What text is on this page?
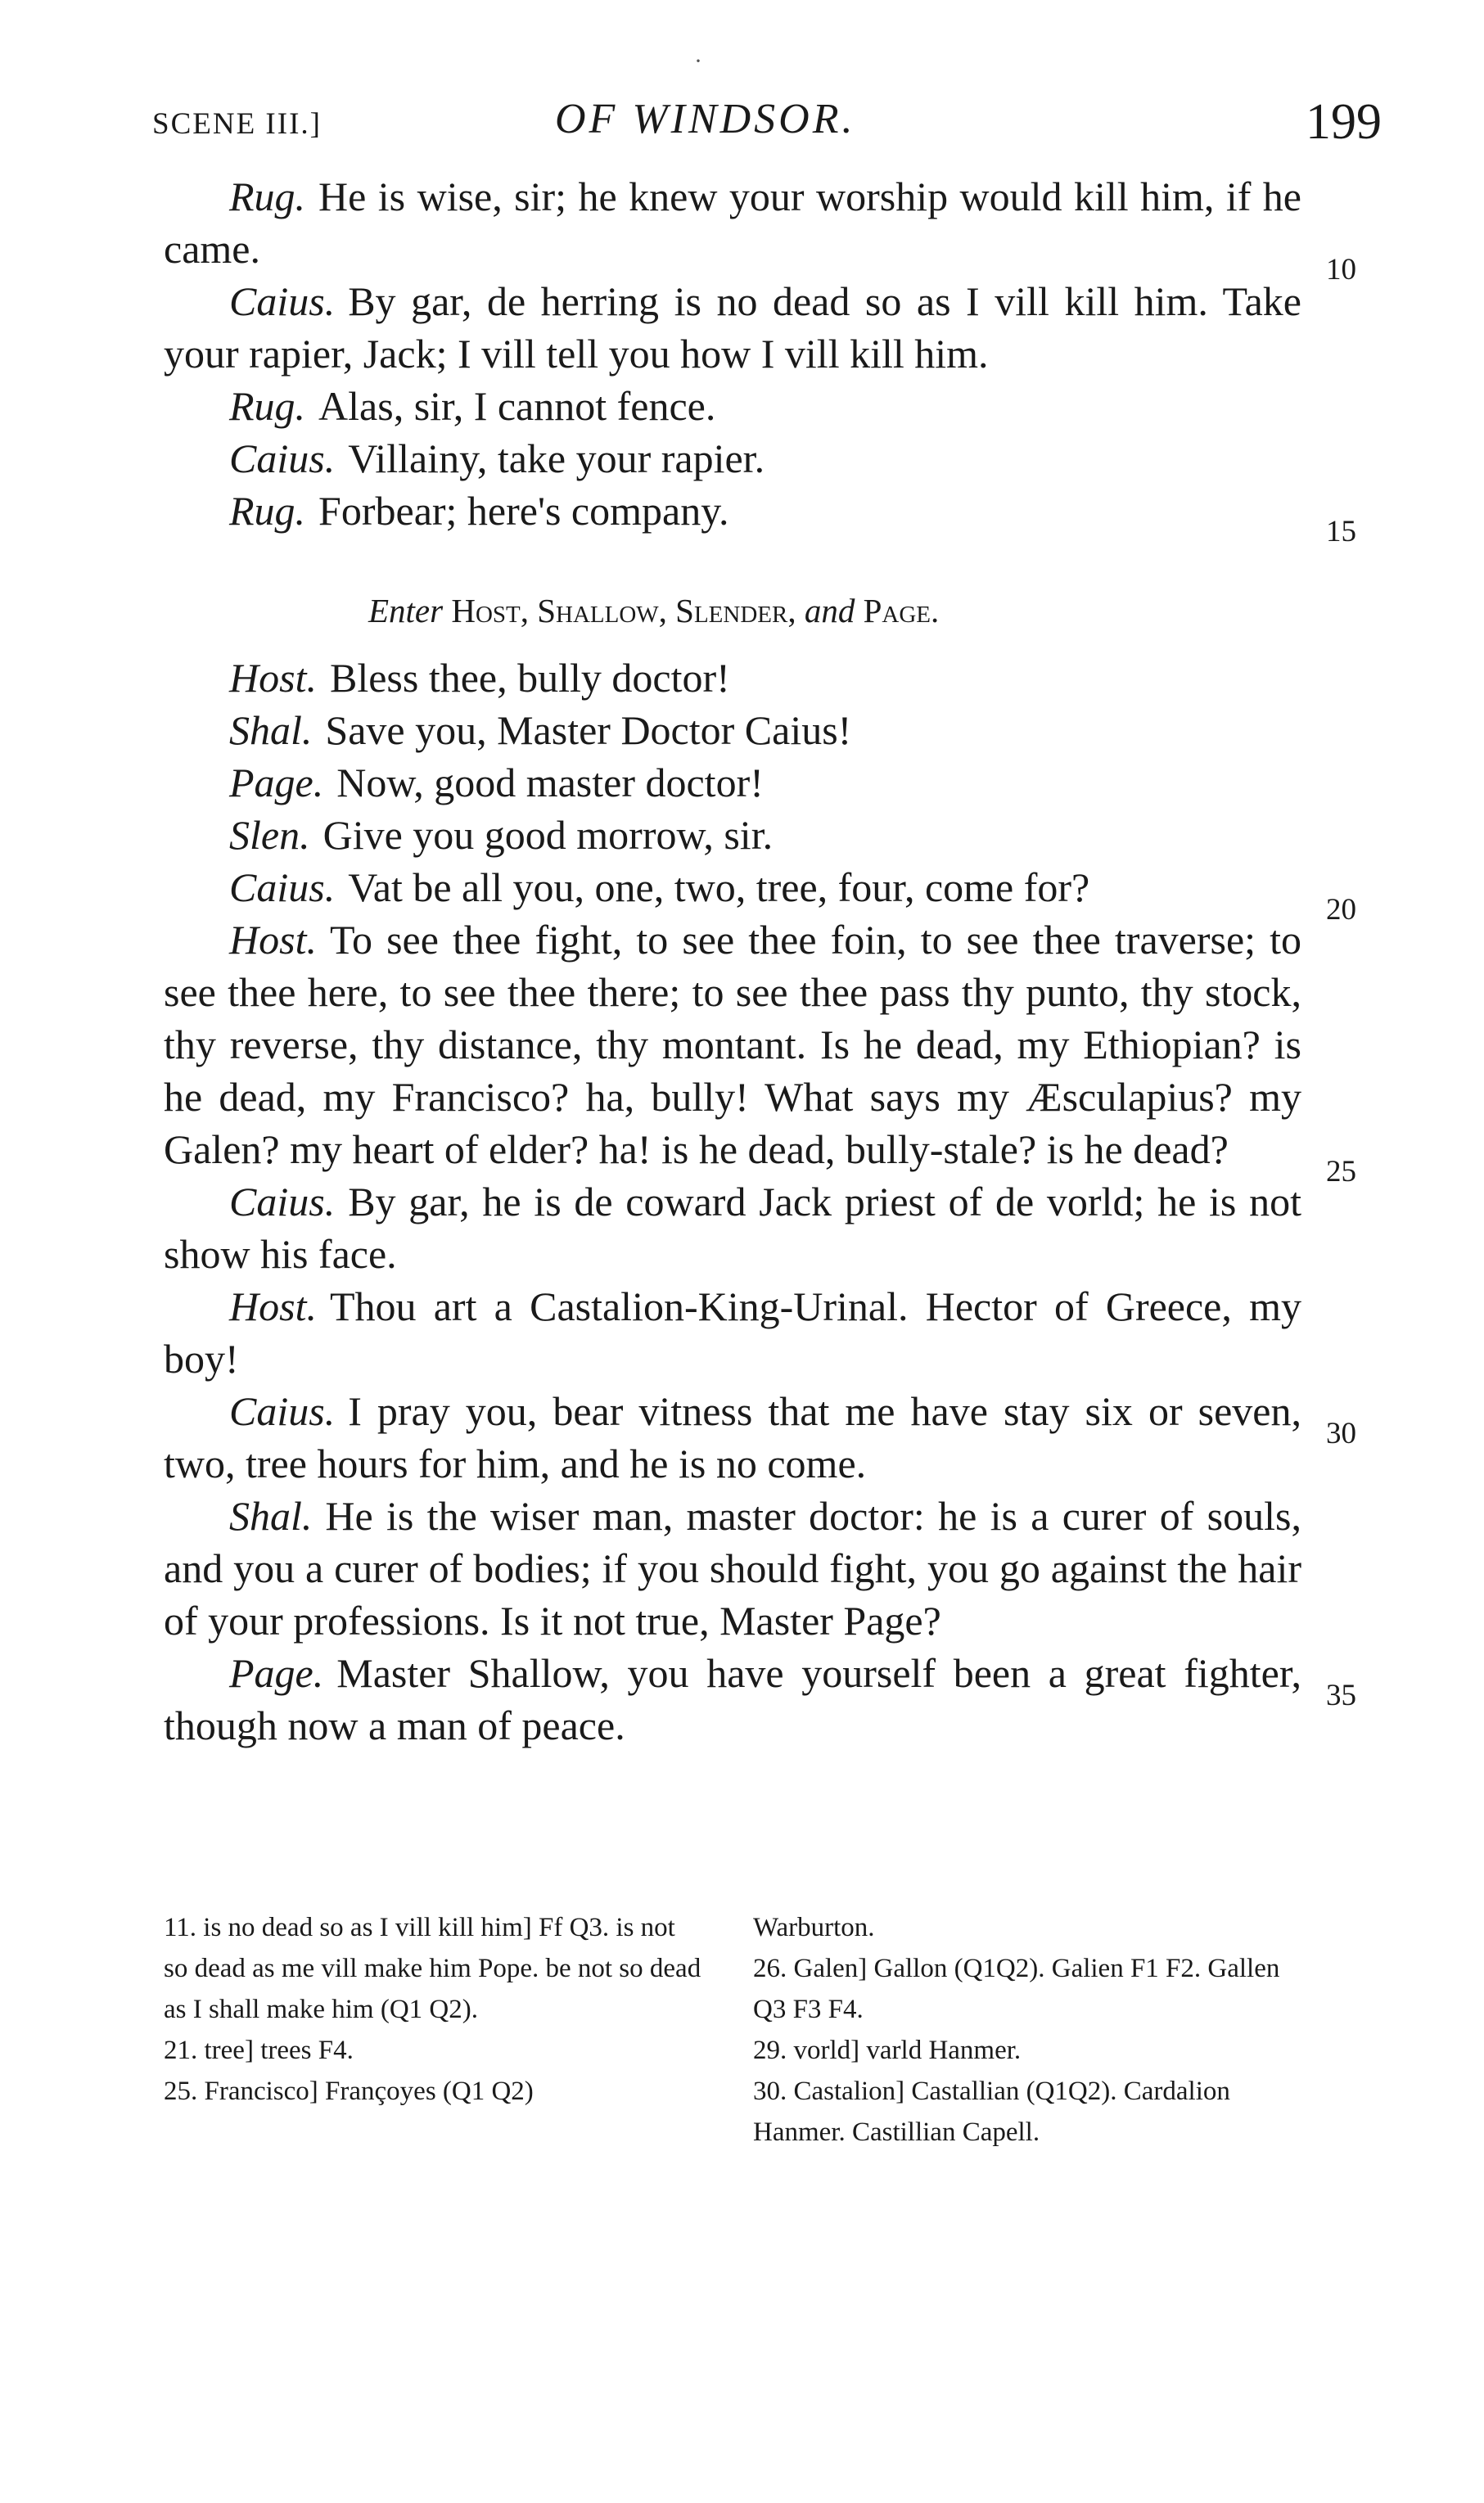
·
SCENE III.]	OF WINDSOR.	199

Rug. He is wise, sir; he knew your worship would kill him, if he came.

Caius. By gar, de herring is no dead so as I vill kill him. Take your rapier, Jack; I vill tell you how I vill kill him.

Rug. Alas, sir, I cannot fence.

Caius. Villainy, take your rapier.

Rug. Forbear; here's company.

Enter Host, Shallow, Slender, and Page.

Host. Bless thee, bully doctor!

Shal. Save you, Master Doctor Caius!

Page. Now, good master doctor!

Slen. Give you good morrow, sir.

Caius. Vat be all you, one, two, tree, four, come for?

Host. To see thee fight, to see thee foin, to see thee traverse; to see thee here, to see thee there; to see thee pass thy punto, thy stock, thy reverse, thy distance, thy montant. Is he dead, my Ethiopian? is he dead, my Francisco? ha, bully! What says my Æsculapius? my Galen? my heart of elder? ha! is he dead, bully-stale? is he dead?

Caius. By gar, he is de coward Jack priest of de vorld; he is not show his face.

Host. Thou art a Castalion-King-Urinal. Hector of Greece, my boy!

Caius. I pray you, bear vitness that me have stay six or seven, two, tree hours for him, and he is no come.

Shal. He is the wiser man, master doctor: he is a curer of souls, and you a curer of bodies; if you should fight, you go against the hair of your professions. Is it not true, Master Page?

Page. Master Shallow, you have yourself been a great fighter, though now a man of peace.

10
15
20
25
30
35

11. is no dead so as I vill kill him] Ff Q3. is not so dead as me vill make him Pope. be not so dead as I shall make him (Q1 Q2).

21. tree] trees F4.

25. Francisco] Françoyes (Q1 Q2)

Warburton.

26. Galen] Gallon (Q1Q2). Galien F1 F2. Gallen Q3 F3 F4.

29. vorld] varld Hanmer.

30. Castalion] Castallian (Q1Q2). Cardalion Hanmer. Castillian Capell.
